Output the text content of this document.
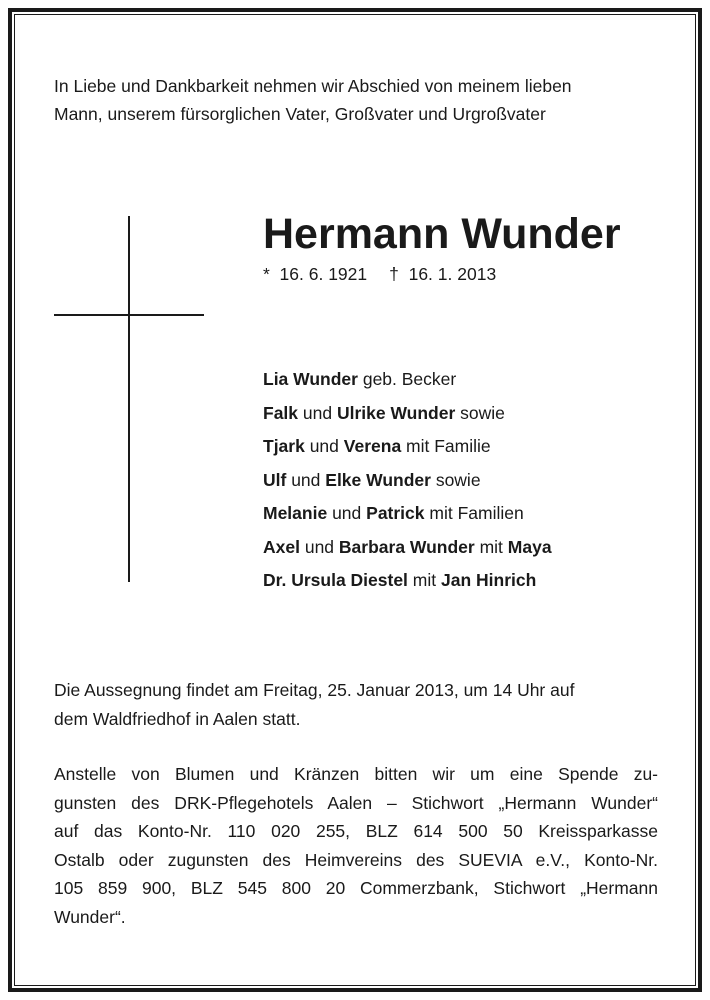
In Liebe und Dankbarkeit nehmen wir Abschied von meinem lieben
Mann, unserem fürsorglichen Vater, Großvater und Urgroßvater

Hermann Wunder
* 16. 6. 1921 † 16. 1. 2013
Lia Wunder geb. Becker
Falk und Ulrike Wunder sowie
Tjark und Verena mit Familie
Ulf und Elke Wunder sowie
Melanie und Patrick mit Familien
Axel und Barbara Wunder mit Maya
Dr. Ursula Diestel mit Jan Hinrich

Die Aussegnung findet am Freitag, 25. Januar 2013, um 14 Uhr auf
dem Waldfriedhof in Aalen statt.

Anstelle von Blumen und Kränzen bitten wir um eine Spende zu-
gunsten des DRK-Pflegehotels Aalen – Stichwort „Hermann Wunder“
auf das Konto-Nr. 110 020 255, BLZ 614 500 50 Kreissparkasse
Ostalb oder zugunsten des Heimvereins des SUEVIA e.V., Konto-Nr.
105 859 900, BLZ 545 800 20 Commerzbank, Stichwort „Hermann
Wunder“.
